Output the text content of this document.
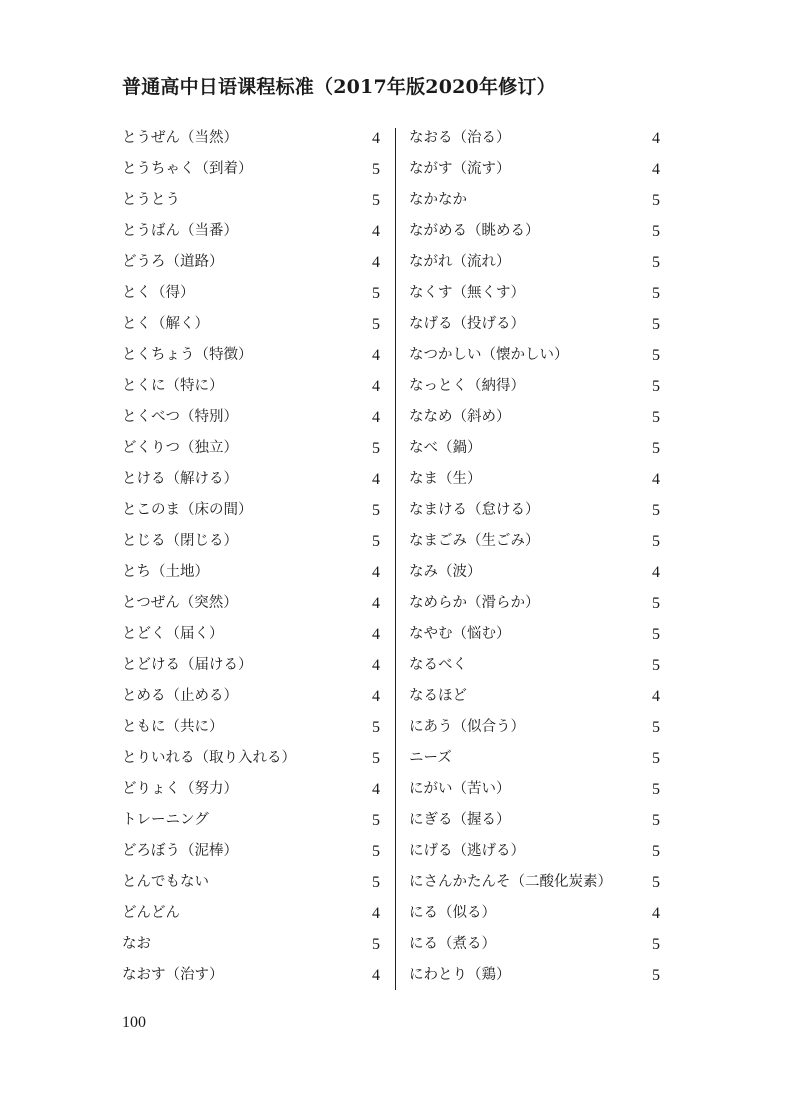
普通高中日语课程标准（2017年版2020年修订）
とうぜん（当然）	4
とうちゃく（到着）	5
とうとう	5
とうばん（当番）	4
どうろ（道路）	4
とく（得）	5
とく（解く）	5
とくちょう（特徴）	4
とくに（特に）	4
とくべつ（特別）	4
どくりつ（独立）	5
とける（解ける）	4
とこのま（床の間）	5
とじる（閉じる）	5
とち（土地）	4
とつぜん（突然）	4
とどく（届く）	4
とどける（届ける）	4
とめる（止める）	4
ともに（共に）	5
とりいれる（取り入れる）	5
どりょく（努力）	4
トレーニング	5
どろぼう（泥棒）	5
とんでもない	5
どんどん	4
なお	5
なおす（治す）	4
なおる（治る）	4
ながす（流す）	4
なかなか	5
ながめる（眺める）	5
ながれ（流れ）	5
なくす（無くす）	5
なげる（投げる）	5
なつかしい（懐かしい）	5
なっとく（納得）	5
ななめ（斜め）	5
なべ（鍋）	5
なま（生）	4
なまける（怠ける）	5
なまごみ（生ごみ）	5
なみ（波）	4
なめらか（滑らか）	5
なやむ（悩む）	5
なるべく	5
なるほど	4
にあう（似合う）	5
ニーズ	5
にがい（苦い）	5
にぎる（握る）	5
にげる（逃げる）	5
にさんかたんそ（二酸化炭素）	5
にる（似る）	4
にる（煮る）	5
にわとり（鶏）	5
100
